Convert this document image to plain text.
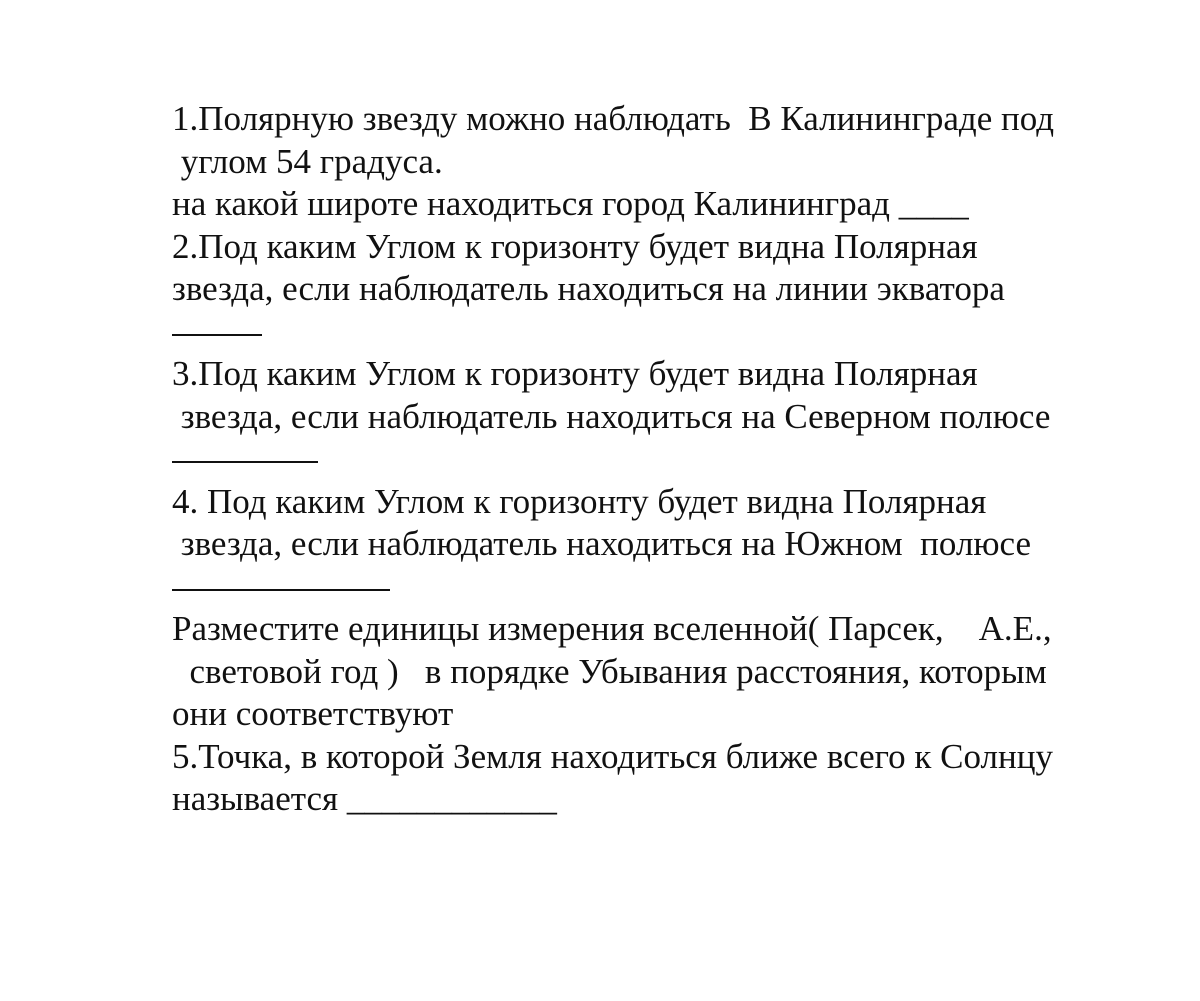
1.Полярную звезду можно наблюдать  В Калининграде под
углом 54 градуса.
на какой широте находиться город Калининград ____
2.Под каким Углом к горизонту будет видна Полярная
звезда, если наблюдатель находиться на линии экватора
3.Под каким Углом к горизонту будет видна Полярная
звезда, если наблюдатель находиться на Северном полюсе
4. Под каким Углом к горизонту будет видна Полярная
звезда, если наблюдатель находиться на Южном  полюсе
Разместите единицы измерения вселенной( Парсек,    А.Е.,
световой год )   в порядке Убывания расстояния, которым
они соответствуют
5.Точка, в которой Земля находиться ближе всего к Солнцу
называется ____________
